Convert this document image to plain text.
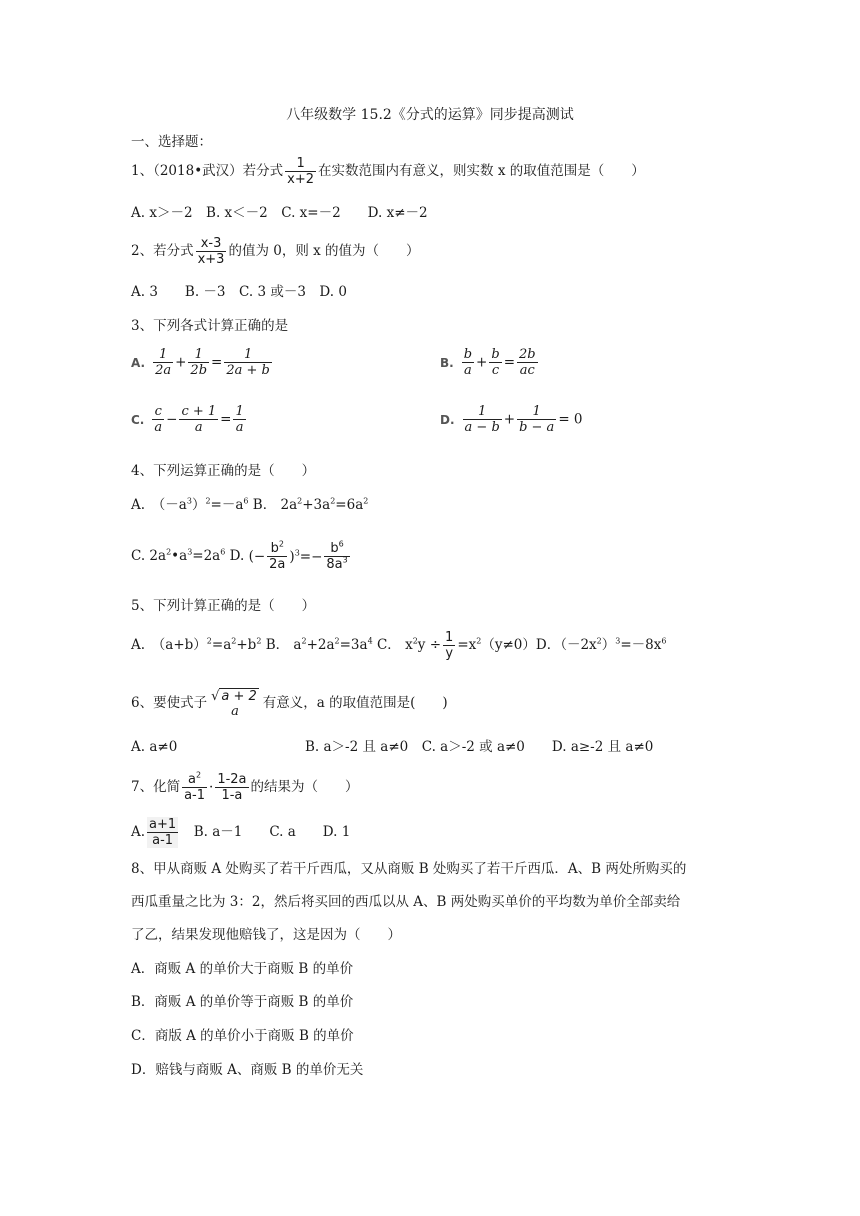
八年级数学 15.2《分式的运算》同步提高测试
一、选择题：
1、（2018•武汉）若分式 $\frac{1}{x+2}$ 在实数范围内有意义，则实数 x 的取值范围是（　　）
A. x＞－2　B. x＜－2　C. x=－2　　D. x≠－2
2、若分式 $\frac{x-3}{x+3}$ 的值为 0，则 x 的值为（　　）
A. 3　　B. －3　C. 3 或－3　D. 0
3、下列各式计算正确的是
A. $\frac{1}{2a} + \frac{1}{2b} = \frac{1}{2a + b}$	B. $\frac{b}{a} + \frac{b}{c} = \frac{2b}{ac}$
C. $\frac{c}{a} - \frac{c + 1}{a} = \frac{1}{a}$	D. $\frac{1}{a - b} + \frac{1}{b - a} = 0$
4、下列运算正确的是（　　）
A.　$(-a^3)^2=-a^6$ B． $2a^2+3a^2=6a^2$
C. $2a^2•a^3=2a^6$ D. (− $\frac{b^2}{2a} )^3=- \frac{b^6}{8a^3}$
5、下列计算正确的是（　　）
A.　$(a+b)^2=a^2+b^2$ B． $a^2+2a^2=3a^4$ C． $x^2y \div \frac{1}{y} =x^2(y\ne 0)D$．$(-2x^2)^3=-8x^6$
6、要使式子 √ a + 2
a
有意义，a 的取值范围是(　　)
A. a≠0	B. a＞-2 且 a≠0　C. a＞-2 或 a≠0　　D. a≥-2 且 a≠0
7、化简 $\frac{a^2}{a-1} \cdot \frac{1-2a}{1-a}$ 的结果为（　　）
A. $\frac{a+1}{a-1}$
　 B. a－1　　C. a　　D. 1
8、甲从商贩 A 处购买了若干斤西瓜，又从商贩 B 处购买了若干斤西瓜．A、B 两处所购买的
西瓜重量之比为 3：2，然后将买回的西瓜以从 A、B 两处购买单价的平均数为单价全部卖给
了乙，结果发现他赔钱了，这是因为（　　）
A．商贩 A 的单价大于商贩 B 的单价
B．商贩 A 的单价等于商贩 B 的单价
C．商版 A 的单价小于商贩 B 的单价
D．赔钱与商贩 A、商贩 B 的单价无关
